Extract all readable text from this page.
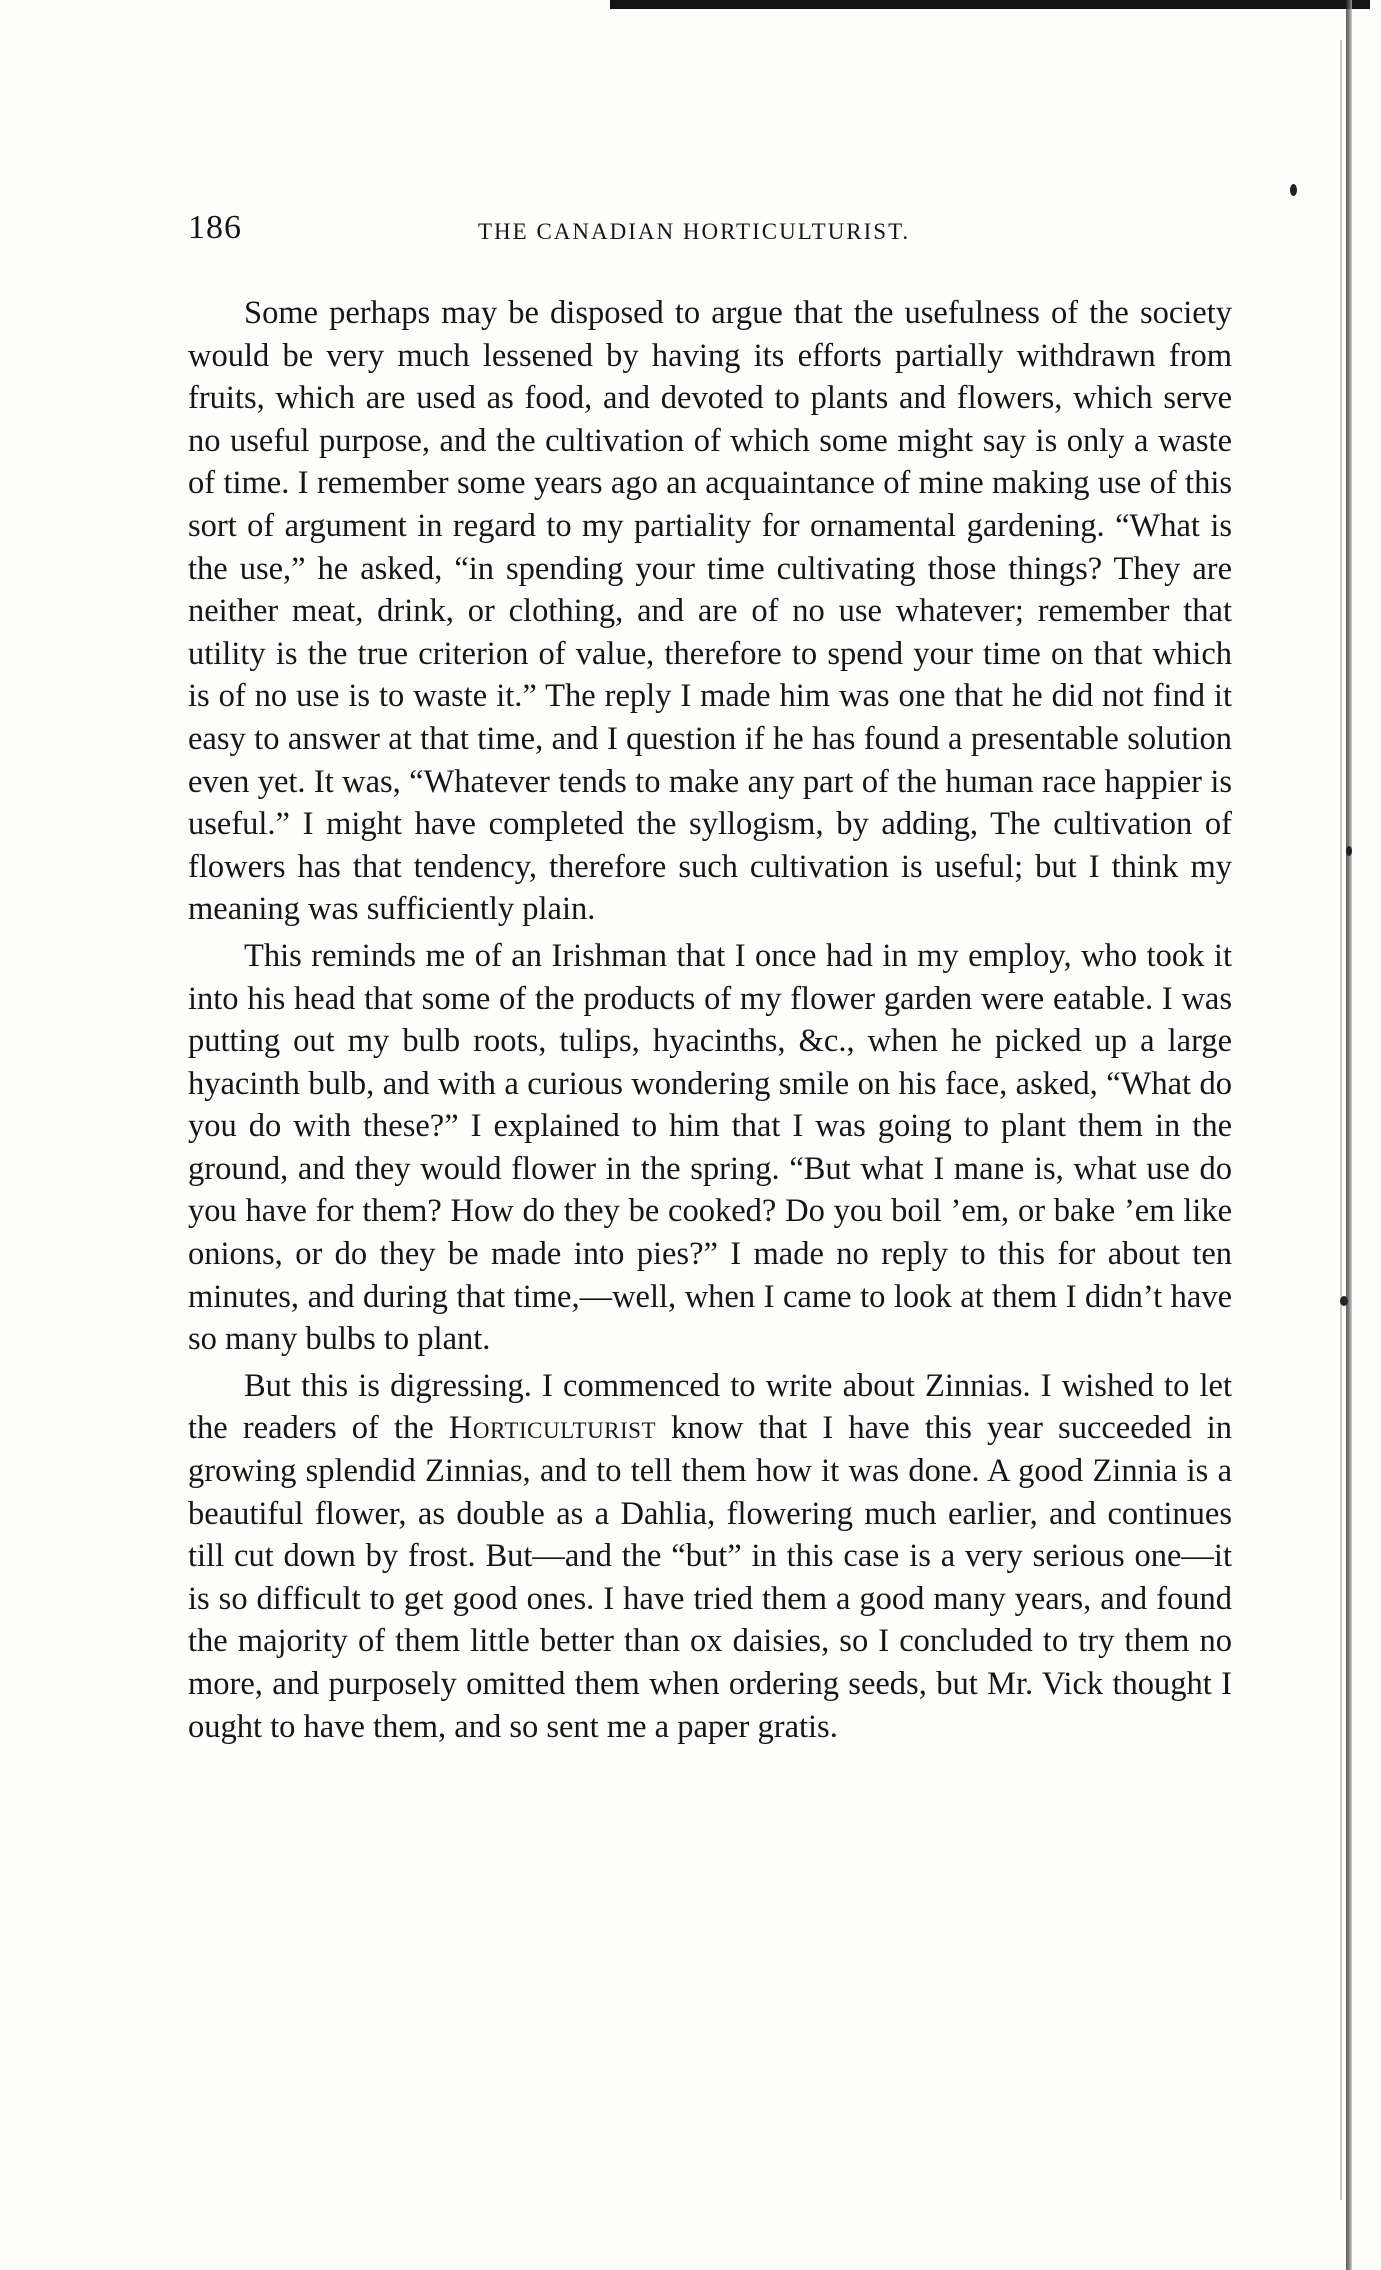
186	THE CANADIAN HORTICULTURIST.

Some perhaps may be disposed to argue that the usefulness of the society would be very much lessened by having its efforts partially withdrawn from fruits, which are used as food, and devoted to plants and flowers, which serve no useful purpose, and the cultivation of which some might say is only a waste of time. I remember some years ago an acquaintance of mine making use of this sort of argument in regard to my partiality for ornamental gardening. “What is the use,” he asked, “in spending your time cultivating those things? They are neither meat, drink, or clothing, and are of no use whatever; remember that utility is the true criterion of value, therefore to spend your time on that which is of no use is to waste it.” The reply I made him was one that he did not find it easy to answer at that time, and I question if he has found a presentable solution even yet. It was, “Whatever tends to make any part of the human race happier is useful.” I might have completed the syllogism, by adding, The cultivation of flowers has that tendency, therefore such cultivation is useful; but I think my meaning was sufficiently plain.

This reminds me of an Irishman that I once had in my employ, who took it into his head that some of the products of my flower garden were eatable. I was putting out my bulb roots, tulips, hyacinths, &c., when he picked up a large hyacinth bulb, and with a curious wondering smile on his face, asked, “What do you do with these?” I explained to him that I was going to plant them in the ground, and they would flower in the spring. “But what I mane is, what use do you have for them? How do they be cooked? Do you boil ’em, or bake ’em like onions, or do they be made into pies?” I made no reply to this for about ten minutes, and during that time,—well, when I came to look at them I didn’t have so many bulbs to plant.

But this is digressing. I commenced to write about Zinnias. I wished to let the readers of the Horticulturist know that I have this year succeeded in growing splendid Zinnias, and to tell them how it was done. A good Zinnia is a beautiful flower, as double as a Dahlia, flowering much earlier, and continues till cut down by frost. But—and the “but” in this case is a very serious one—it is so difficult to get good ones. I have tried them a good many years, and found the majority of them little better than ox daisies, so I concluded to try them no more, and purposely omitted them when ordering seeds, but Mr. Vick thought I ought to have them, and so sent me a paper gratis.
